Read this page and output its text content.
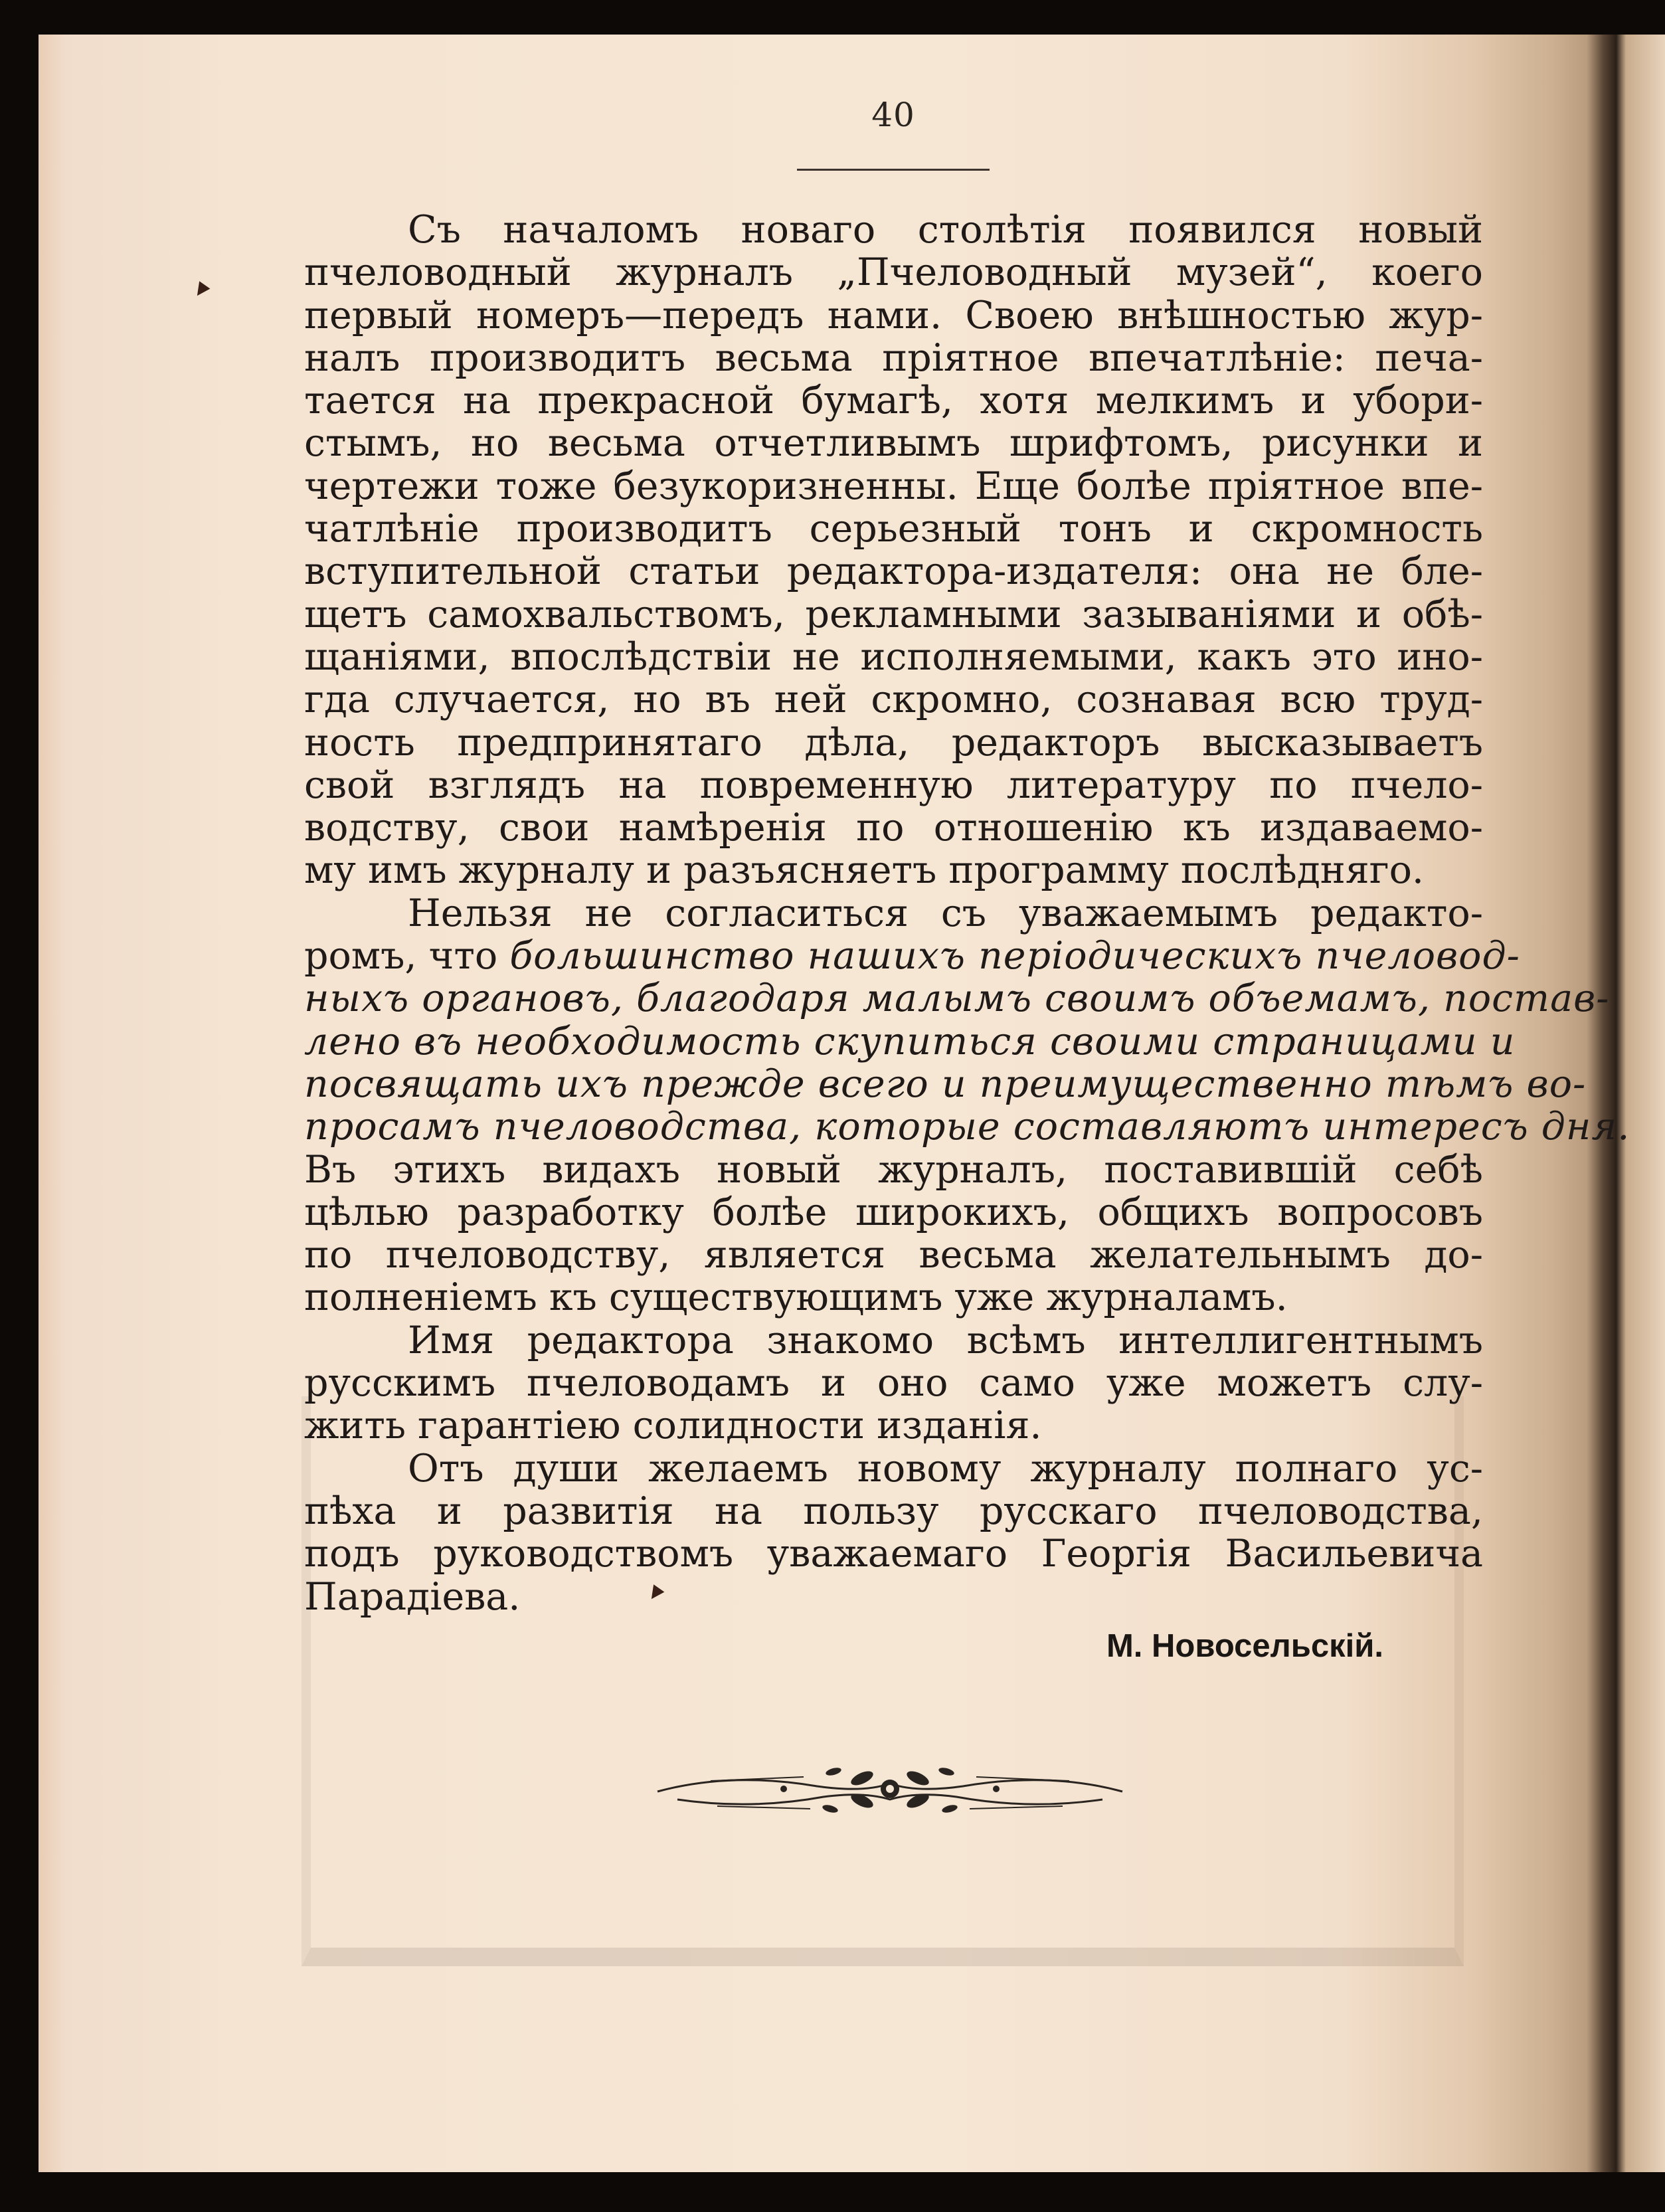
40
Съ началомъ новаго столѣтія появился новый
пчеловодный журналъ „Пчеловодный музей“, коего
первый номеръ—передъ нами. Своею внѣшностью жур-
налъ производитъ весьма пріятное впечатлѣніе: печа-
тается на прекрасной бумагѣ, хотя мелкимъ и убори-
стымъ, но весьма отчетливымъ шрифтомъ, рисунки и
чертежи тоже безукоризненны. Еще болѣе пріятное впе-
чатлѣніе производитъ серьезный тонъ и скромность
вступительной статьи редактора-издателя: она не бле-
щетъ самохвальствомъ, рекламными зазываніями и обѣ-
щаніями, впослѣдствіи не исполняемыми, какъ это ино-
гда случается, но въ ней скромно, сознавая всю труд-
ность предпринятаго дѣла, редакторъ высказываетъ
свой взглядъ на повременную литературу по пчело-
водству, свои намѣренія по отношенію къ издаваемо-
му имъ журналу и разъясняетъ программу послѣдняго.
Нельзя не согласиться съ уважаемымъ редакто-
ромъ, что большинство нашихъ періодическихъ пчеловод-
ныхъ органовъ, благодаря малымъ своимъ объемамъ, постав-
лено въ необходимость скупиться своими страницами и
посвящать ихъ прежде всего и преимущественно тѣмъ во-
просамъ пчеловодства, которые составляютъ интересъ дня.
Въ этихъ видахъ новый журналъ, поставившій себѣ
цѣлью разработку болѣе широкихъ, общихъ вопросовъ
по пчеловодству, является весьма желательнымъ до-
полненіемъ къ существующимъ уже журналамъ.
Имя редактора знакомо всѣмъ интеллигентнымъ
русскимъ пчеловодамъ и оно само уже можетъ слу-
жить гарантіею солидности изданія.
Отъ души желаемъ новому журналу полнаго ус-
пѣха и развитія на пользу русскаго пчеловодства,
подъ руководствомъ уважаемаго Георгія Васильевича
Парадіева.
М. Новосельскій.
▾
▾
